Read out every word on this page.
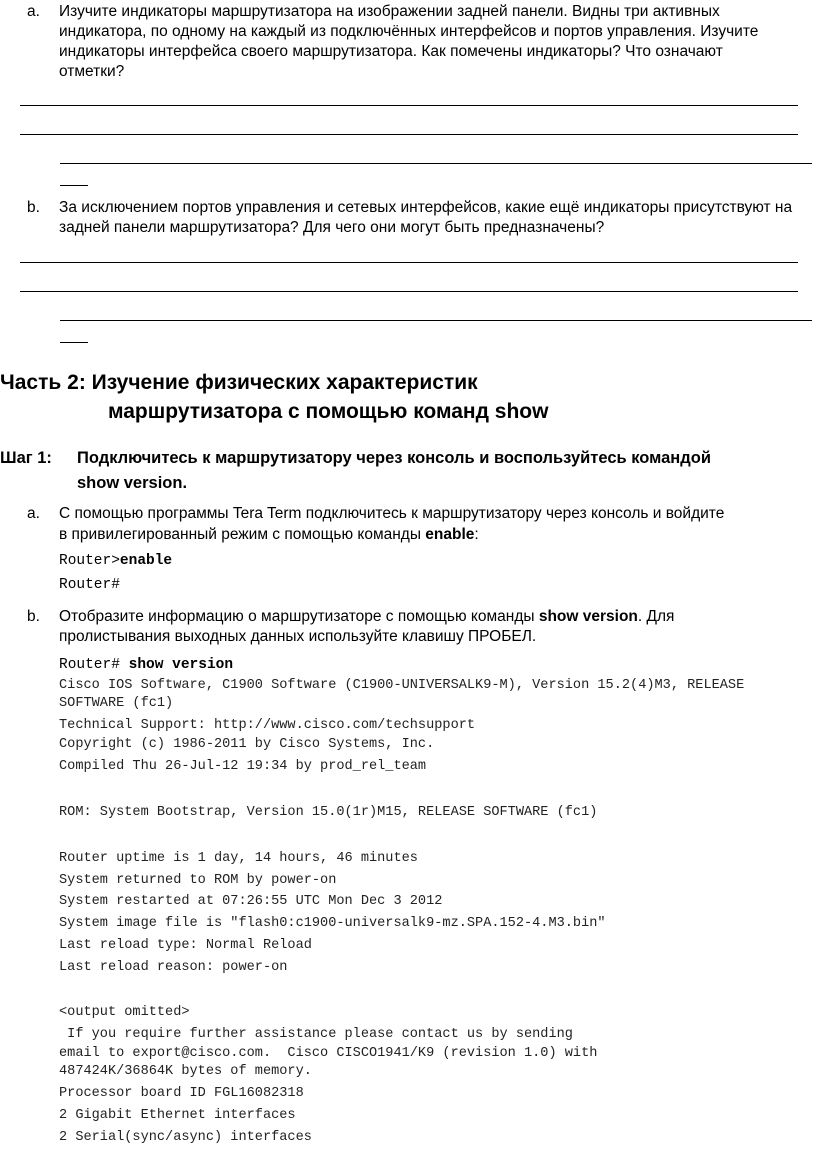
a. Изучите индикаторы маршрутизатора на изображении задней панели. Видны три активных индикатора, по одному на каждый из подключённых интерфейсов и портов управления. Изучите индикаторы интерфейса своего маршрутизатора. Как помечены индикаторы? Что означают отметки?
b. За исключением портов управления и сетевых интерфейсов, какие ещё индикаторы присутствуют на задней панели маршрутизатора? Для чего они могут быть предназначены?
Часть 2: Изучение физических характеристик
маршрутизатора с помощью команд show
Шаг 1: Подключитесь к маршрутизатору через консоль и воспользуйтесь командой
show version.
a. С помощью программы Tera Term подключитесь к маршрутизатору через консоль и войдите
в привилегированный режим с помощью команды enable:
Router>enable
Router#
b. Отобразите информацию о маршрутизаторе с помощью команды show version. Для
пролистывания выходных данных используйте клавишу ПРОБЕЛ.
Router# show version
Cisco IOS Software, C1900 Software (C1900-UNIVERSALK9-M), Version 15.2(4)M3, RELEASE
SOFTWARE (fc1)
Technical Support: http://www.cisco.com/techsupport
Copyright (c) 1986-2011 by Cisco Systems, Inc.
Compiled Thu 26-Jul-12 19:34 by prod_rel_team
ROM: System Bootstrap, Version 15.0(1r)M15, RELEASE SOFTWARE (fc1)
Router uptime is 1 day, 14 hours, 46 minutes
System returned to ROM by power-on
System restarted at 07:26:55 UTC Mon Dec 3 2012
System image file is "flash0:c1900-universalk9-mz.SPA.152-4.M3.bin"
Last reload type: Normal Reload
Last reload reason: power-on
<output omitted>
If you require further assistance please contact us by sending
email to export@cisco.com.  Cisco CISCO1941/K9 (revision 1.0) with
487424K/36864K bytes of memory.
Processor board ID FGL16082318
2 Gigabit Ethernet interfaces
2 Serial(sync/async) interfaces
